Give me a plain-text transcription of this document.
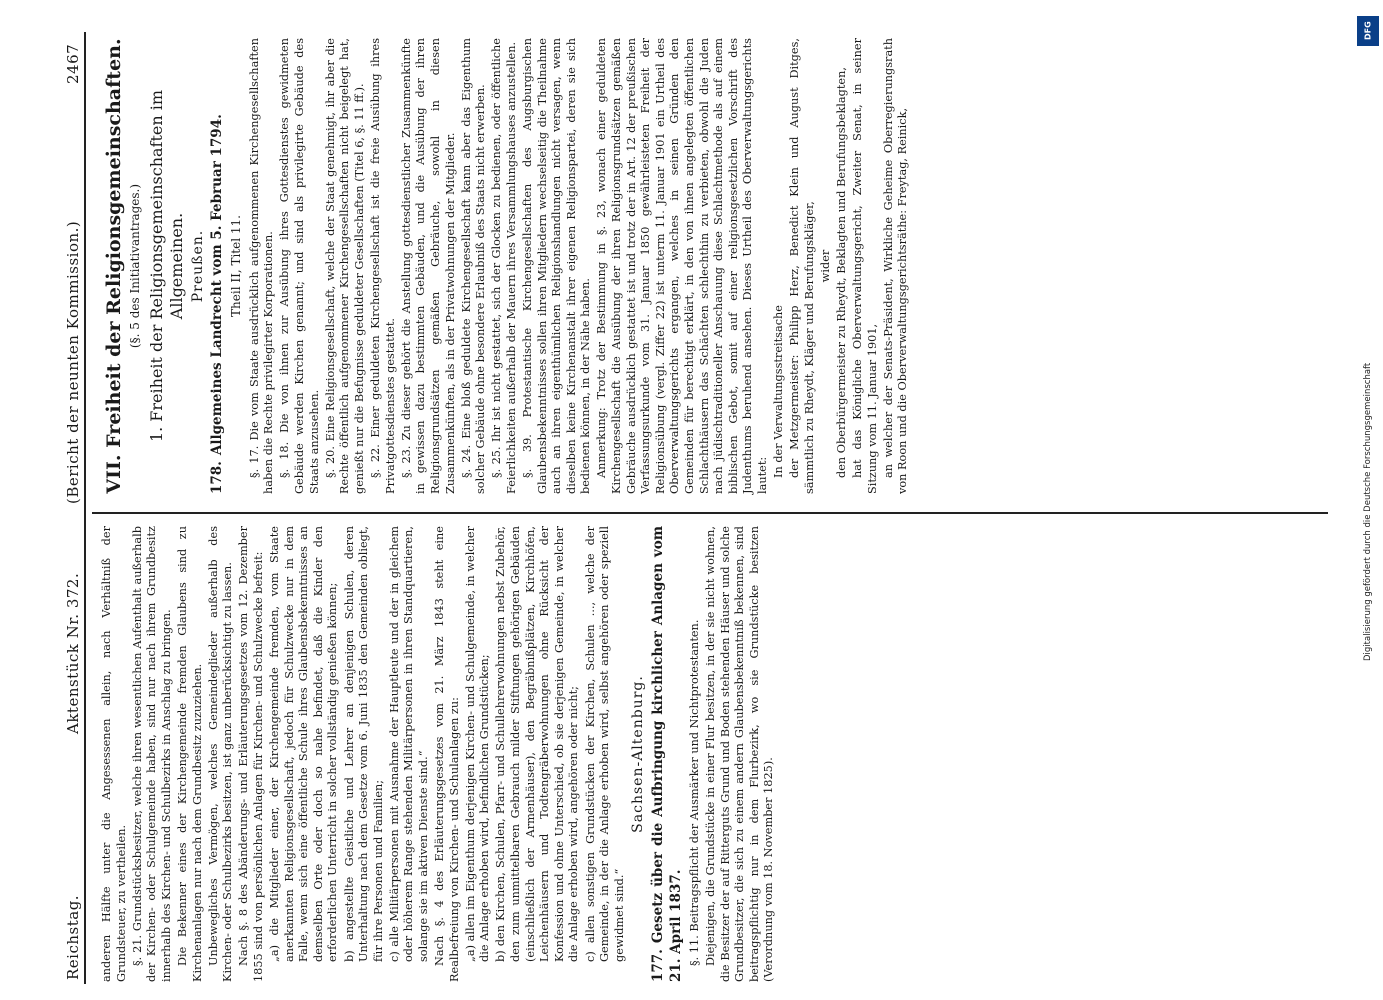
Reichstag.
Aktenstück Nr. 372.
(Bericht der neunten Kommission.)
2467

anderen Hälfte unter die Angesessenen allein, nach Verhältniß der Grundsteuer, zu vertheilen. §. 21. Grundstücksbesitzer, welche ihren wesentlichen Aufenthalt außerhalb der Kirchen- oder Schulgemeinde haben, sind nur nach ihrem Grundbesitz innerhalb des Kirchen- und Schulbezirks in Anschlag zu bringen. Die Bekenner eines der Kirchengemeinde fremden Glaubens sind zu Kirchenanlagen nur nach dem Grundbesitz zuzuziehen. Unbewegliches Vermögen, welches Gemeindeglieder außerhalb des Kirchen- oder Schulbezirks besitzen, ist ganz unberücksichtigt zu lassen. Nach §. 8 des Abänderungs- und Erläuterungsgesetzes vom 12. Dezember 1855 sind von persönlichen Anlagen für Kirchen- und Schulzwecke befreit: „a) die Mitglieder einer, der Kirchengemeinde fremden, vom Staate anerkannten Religionsgesellschaft, jedoch für Schulzwecke nur in dem Falle, wenn sich eine öffentliche Schule ihres Glaubensbekenntnisses an demselben Orte oder doch so nahe befindet, daß die Kinder den erforderlichen Unterricht in solcher vollständig genießen können; b) angestellte Geistliche und Lehrer an denjenigen Schulen, deren Unterhaltung nach dem Gesetze vom 6. Juni 1835 den Gemeinden obliegt, für ihre Personen und Familien; c) alle Militärpersonen mit Ausnahme der Hauptleute und der in gleichem oder höherem Range stehenden Militärpersonen in ihren Standquartieren, solange sie im aktiven Dienste sind.“ Nach §. 4 des Erläuterungsgesetzes vom 21. März 1843 steht eine Realbefreiung von Kirchen- und Schulanlagen zu: „a) allen im Eigenthum derjenigen Kirchen- und Schulgemeinde, in welcher die Anlage erhoben wird, befindlichen Grundstücken; b) den Kirchen, Schulen, Pfarr- und Schullehrerwohnungen nebst Zubehör, den zum unmittelbaren Gebrauch milder Stiftungen gehörigen Gebäuden (einschließlich der Armenhäuser), den Begräbnißplätzen, Kirchhöfen, Leichenhäusern und Todtengräberwohnungen ohne Rücksicht der Konfession und ohne Unterschied, ob sie derjenigen Gemeinde, in welcher die Anlage erhoben wird, angehören oder nicht; c) allen sonstigen Grundstücken der Kirchen, Schulen ..., welche der Gemeinde, in der die Anlage erhoben wird, selbst angehören oder speziell gewidmet sind.“

Sachsen-Altenburg.

177.Gesetz über die Aufbringung kirchlicher Anlagen vom 21. April 1837. §. 11. Beitragspflicht der Ausmärker und Nichtprotestanten. Diejenigen, die Grundstücke in einer Flur besitzen, in der sie nicht wohnen, die Besitzer der auf Ritterguts Grund und Boden stehenden Häuser und solche Grundbesitzer, die sich zu einem andern Glaubensbekenntniß bekennen, sind beitragspflichtig nur in dem Flurbezirk, wo sie Grundstücke besitzen (Verordnung vom 18. November 1825).

VII. Freiheit der Religionsgemeinschaften. (§. 5 des Initiativantrages.) 1. Freiheit der Religionsgemeinschaften im Allgemeinen. Preußen.

178.Allgemeines Landrecht vom 5. Februar 1794. Theil II, Titel 11. §. 17. Die vom Staate ausdrücklich aufgenommenen Kirchengesellschaften haben die Rechte privilegirter Korporationen. §. 18. Die von ihnen zur Ausübung ihres Gottesdienstes gewidmeten Gebäude werden Kirchen genannt; und sind als privilegirte Gebäude des Staats anzusehen. §. 20. Eine Religionsgesellschaft, welche der Staat genehmigt, ihr aber die Rechte öffentlich aufgenommener Kirchengesellschaften nicht beigelegt hat, genießt nur die Befugnisse geduldeter Gesellschaften (Titel 6, §. 11 ff.). §. 22. Einer geduldeten Kirchengesellschaft ist die freie Ausübung ihres Privatgottesdienstes gestattet. §. 23. Zu dieser gehört die Anstellung gottesdienstlicher Zusammenkünfte in gewissen dazu bestimmten Gebäuden, und die Ausübung der ihren Religionsgrundsätzen gemäßen Gebräuche, sowohl in diesen Zusammenkünften, als in der Privatwohnungen der Mitglieder. §. 24. Eine bloß geduldete Kirchengesellschaft kann aber das Eigenthum solcher Gebäude ohne besondere Erlaubniß des Staats nicht erwerben. §. 25. Ihr ist nicht gestattet, sich der Glocken zu bedienen, oder öffentliche Feierlichkeiten außerhalb der Mauern ihres Versammlungshauses anzustellen. §. 39. Protestantische Kirchengesellschaften des Augsburgischen Glaubensbekenntnisses sollen ihren Mitgliedern wechselseitig die Theilnahme auch an ihren eigenthümlichen Religionshandlungen nicht versagen, wenn dieselben keine Kirchenanstalt ihrer eigenen Religionspartei, deren sie sich bedienen können, in der Nähe haben. Anmerkung: Trotz der Bestimmung in §. 23, wonach einer geduldeten Kirchengesellschaft die Ausübung der ihren Religionsgrundsätzen gemäßen Gebräuche ausdrücklich gestattet ist und trotz der in Art. 12 der preußischen Verfassungsurkunde vom 31. Januar 1850 gewährleisteten Freiheit der Religionsübung (vergl. Ziffer 22) ist unterm 11. Januar 1901 ein Urtheil des Oberverwaltungsgerichts ergangen, welches in seinen Gründen den Gemeinden für berechtigt erklärt, in den von ihnen angelegten öffentlichen Schlachthäusern das Schächten schlechthin zu verbieten, obwohl die Juden nach jüdischtraditioneller Anschauung diese Schlachtmethode als auf einem biblischen Gebot, somit auf einer religionsgesetzlichen Vorschrift des Judenthums beruhend ansehen. Dieses Urtheil des Oberverwaltungsgerichts lautet: In der Verwaltungsstreitsache der Metzgermeister: Philipp Herz, Benedict Klein und August Ditges, sämmtlich zu Rheydt, Kläger und Berufungskläger, wider den Oberbürgermeister zu Rheydt, Beklagten und Berufungsbeklagten, hat das Königliche Oberverwaltungsgericht, Zweiter Senat, in seiner Sitzung vom 11. Januar 1901, an welcher der Senats-Präsident, Wirkliche Geheime Oberregierungsrath von Roon und die Oberverwaltungsgerichtsräthe: Freytag, Reinick,

DFG
Digitalisierung gefördert durch die Deutsche Forschungsgemeinschaft
